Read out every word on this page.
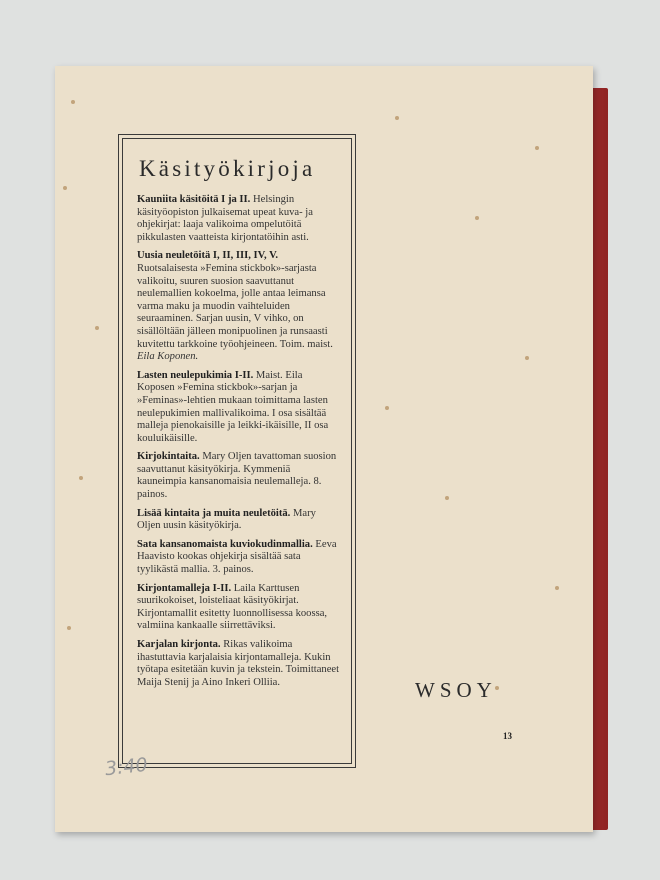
Käsityökirjoja

Kauniita käsitöitä I ja II. Helsingin käsityöopiston julkaisemat upeat kuva- ja ohjekirjat: laaja valikoima ompelutöitä pikkulasten vaatteista kirjontatöihin asti.

Uusia neuletöitä I, II, III, IV, V. Ruotsalaisesta »Femina stickbok»-sarjasta valikoitu, suuren suosion saavuttanut neulemallien kokoelma, jolle antaa leimansa varma maku ja muodin vaihteluiden seuraaminen. Sarjan uusin, V vihko, on sisällöltään jälleen monipuolinen ja runsaasti kuvitettu tarkkoine työohjeineen. Toim. maist. Eila Koponen.

Lasten neulepukimia I-II. Maist. Eila Koposen »Femina stickbok»-sarjan ja »Feminas»-lehtien mukaan toimittama lasten neulepukimien mallivalikoima. I osa sisältää malleja pienokaisille ja leikki-ikäisille, II osa kouluikäisille.

Kirjokintaita. Mary Oljen tavattoman suosion saavuttanut käsityökirja. Kymmeniä kauneimpia kansanomaisia neulemalleja. 8. painos.

Lisää kintaita ja muita neuletöitä. Mary Oljen uusin käsityökirja.

Sata kansanomaista kuviokudinmallia. Eeva Haavisto kookas ohjekirja sisältää sata tyylikästä mallia. 3. painos.

Kirjontamalleja I-II. Laila Karttusen suurikokoiset, loisteliaat käsityökirjat. Kirjontamallit esitetty luonnollisessa koossa, valmiina kankaalle siirrettäviksi.

Karjalan kirjonta. Rikas valikoima ihastuttavia karjalaisia kirjontamalleja. Kukin työtapa esitetään kuvin ja tekstein. Toimittaneet Maija Stenij ja Aino Inkeri Olliia.	WSOY
13
3:40
